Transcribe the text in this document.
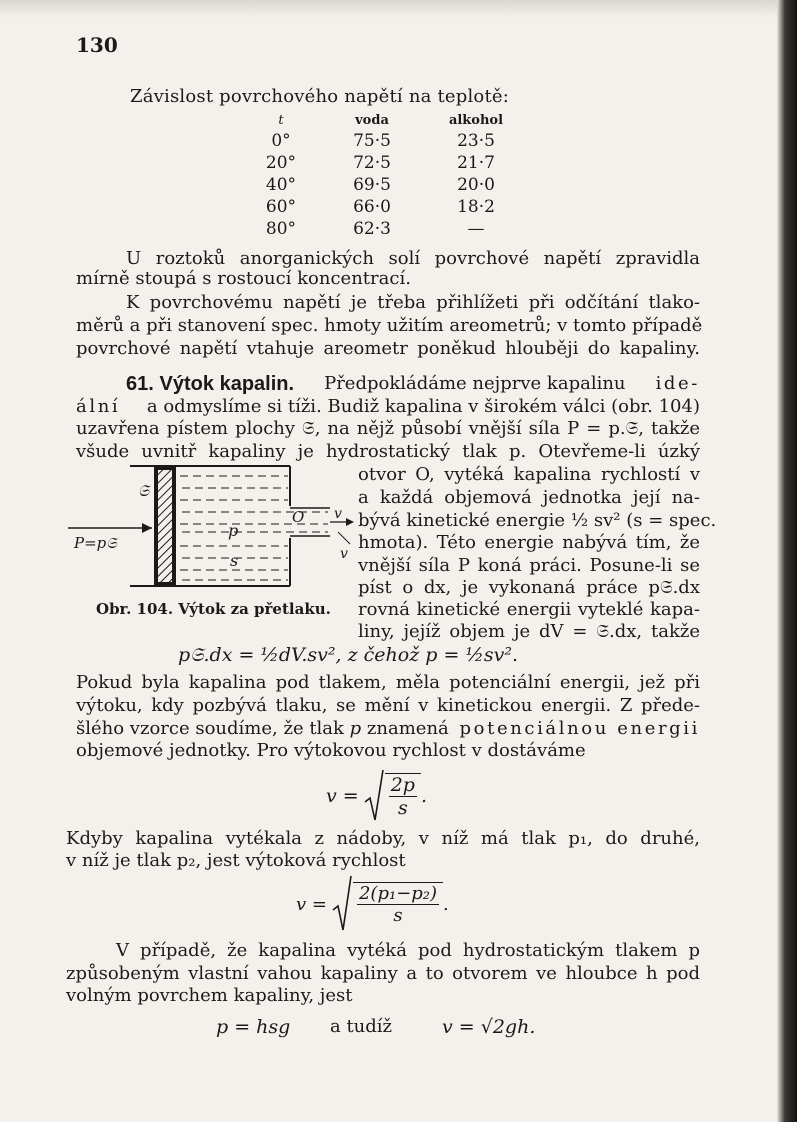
130
Závislost povrchového napětí na teplotě:
t	voda	alkohol
0°	75·5	23·5
20°	72·5	21·7
40°	69·5	20·0
60°	66·0	18·2
80°	62·3	—
U roztoků anorganických solí povrchové napětí zpravidla
mírně stoupá s rostoucí koncentrací.
K povrchovému napětí je třeba přihlížeti při odčítání tlako-
měrů a při stanovení spec. hmoty užitím areometrů; v tomto případě
povrchové napětí vtahuje areometr poněkud hlouběji do kapaliny.
61. Výtok kapalin. Předpokládáme nejprve kapalinu ide-
ální a odmyslíme si tíži. Budiž kapalina v širokém válci (obr. 104)
uzavřena pístem plochy 𝔖, na nějž působí vnější síla P = p.𝔖, takže
všude uvnitř kapaliny je hydrostatický tlak p. Otevřeme-li úzký
𝔖
P=p𝔖
p
s
O v
v
Obr. 104. Výtok za přetlaku.
otvor O, vytéká kapalina rychlostí v
a každá objemová jednotka její na-
bývá kinetické energie ½ sv² (s = spec.
hmota). Této energie nabývá tím, že
vnější síla P koná práci. Posune-li se
píst o dx, je vykonaná práce p𝔖.dx
rovná kinetické energii vyteklé kapa-
liny, jejíž objem je dV = 𝔖.dx, takže
p𝔖.dx = ½dV.sv², z čehož p = ½sv².
Pokud byla kapalina pod tlakem, měla potenciální energii, jež při
výtoku, kdy pozbývá tlaku, se mění v kinetickou energii. Z přede-
šlého vzorce soudíme, že tlak p znamená potenciálnou energii
objemové jednotky. Pro výtokovou rychlost v dostáváme
$v = \frac{2p}{s}$ .
Kdyby kapalina vytékala z nádoby, v níž má tlak p₁, do druhé,
v níž je tlak p₂, jest výtoková rychlost
$v = \frac{\text{2(p₁−p₂)}}{s}$ .
V případě, že kapalina vytéká pod hydrostatickým tlakem p
způsobeným vlastní vahou kapaliny a to otvorem ve hloubce h pod
volným povrchem kapaliny, jest
p = hsg a tudíž	v = √2gh.
